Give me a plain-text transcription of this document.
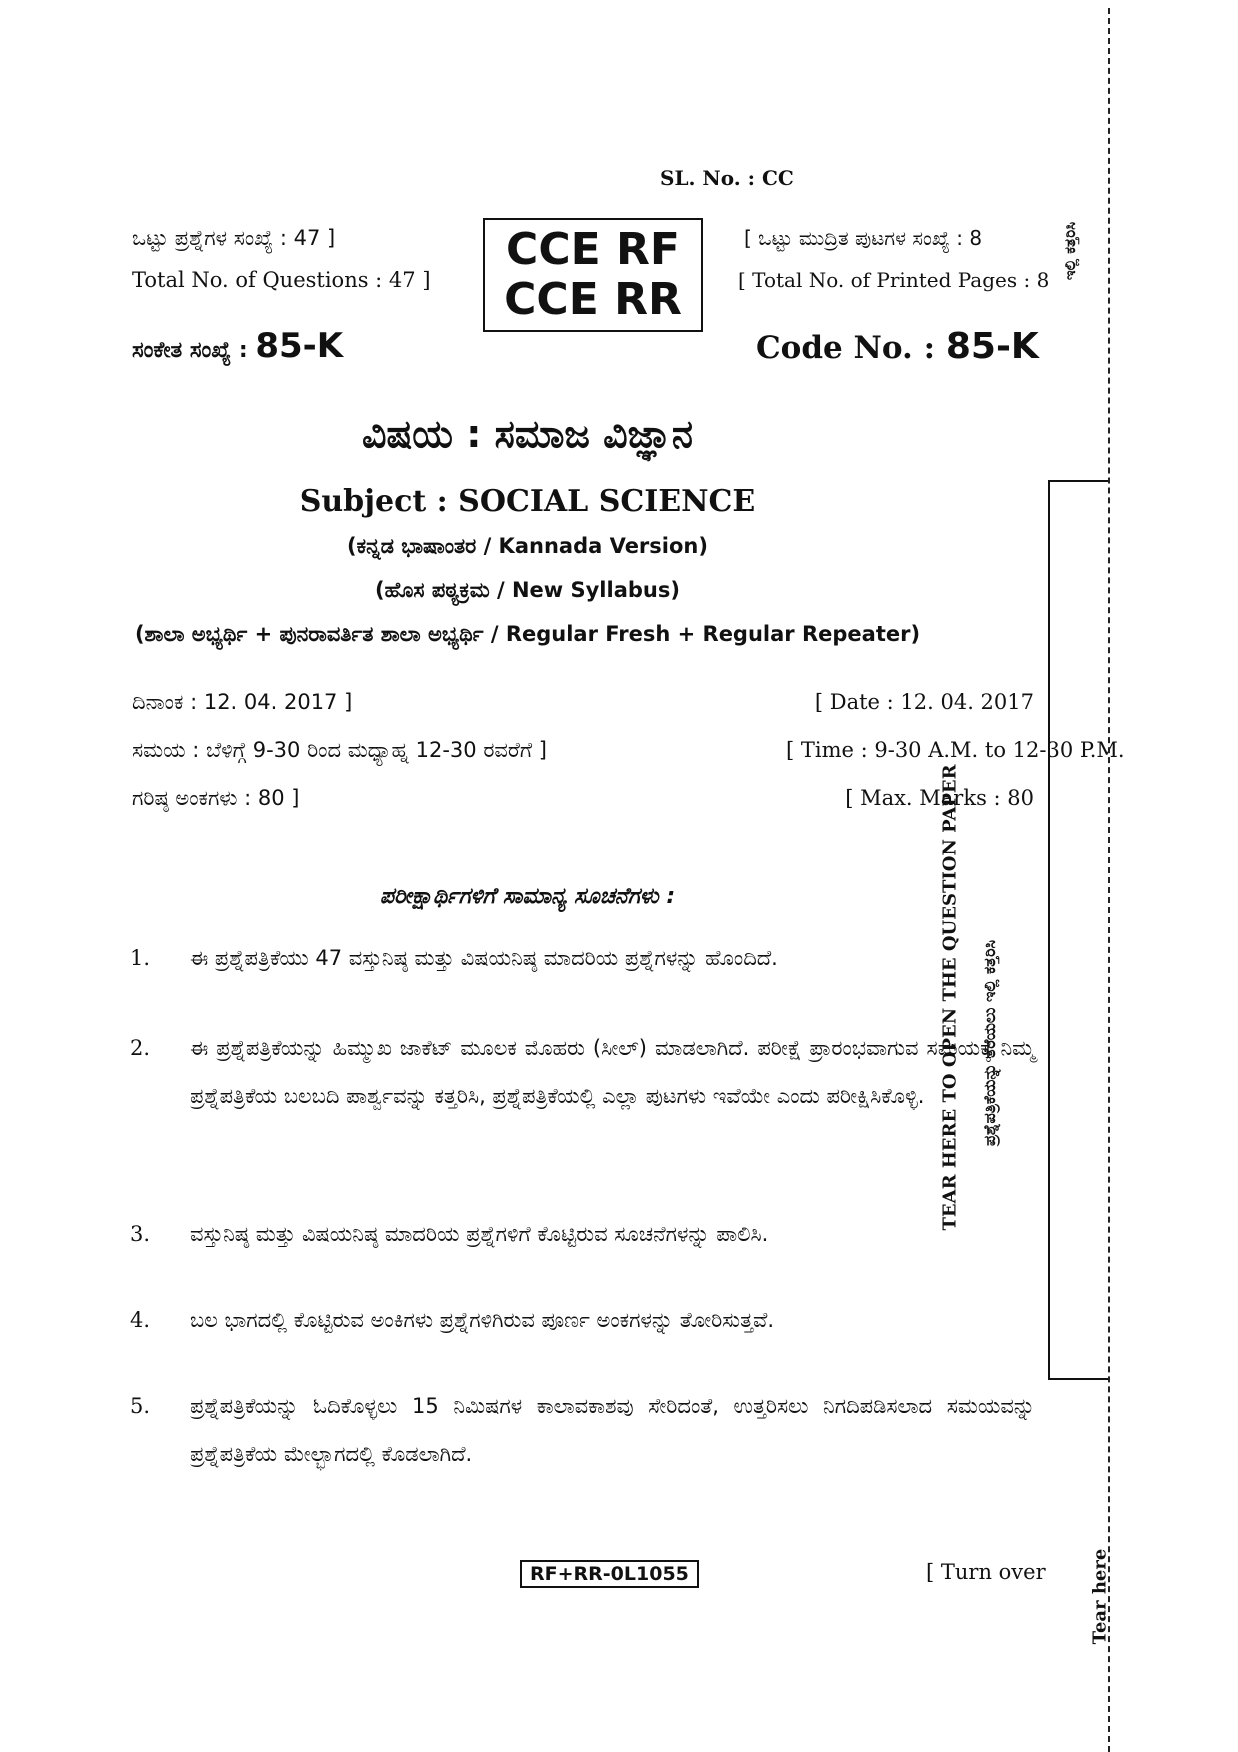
SL. No. : CC
ಒಟ್ಟು ಪ್ರಶ್ನೆಗಳ ಸಂಖ್ಯೆ : 47 ]
Total No. of Questions : 47 ]
CCE RF
CCE RR
[ ಒಟ್ಟು ಮುದ್ರಿತ ಪುಟಗಳ ಸಂಖ್ಯೆ : 8
[ Total No. of Printed Pages : 8
ಸಂಕೇತ ಸಂಖ್ಯೆ : 85-K	Code No. : 85-K
ವಿಷಯ : ಸಮಾಜ ವಿಜ್ಞಾನ
Subject : SOCIAL SCIENCE
(ಕನ್ನಡ ಭಾಷಾಂತರ / Kannada Version)
(ಹೊಸ ಪಠ್ಯಕ್ರಮ / New Syllabus)
(ಶಾಲಾ ಅಭ್ಯರ್ಥಿ + ಪುನರಾವರ್ತಿತ ಶಾಲಾ ಅಭ್ಯರ್ಥಿ / Regular Fresh + Regular Repeater)
ದಿನಾಂಕ : 12. 04. 2017 ]	[ Date : 12. 04. 2017
ಸಮಯ : ಬೆಳಿಗ್ಗೆ 9-30 ರಿಂದ ಮಧ್ಯಾಹ್ನ 12-30 ರವರೆಗೆ ]	[ Time : 9-30 A.M. to 12-30 P.M.
ಗರಿಷ್ಠ ಅಂಕಗಳು : 80 ]	[ Max. Marks : 80
ಪರೀಕ್ಷಾರ್ಥಿಗಳಿಗೆ ಸಾಮಾನ್ಯ ಸೂಚನೆಗಳು :
1. ಈ ಪ್ರಶ್ನೆಪತ್ರಿಕೆಯು 47 ವಸ್ತುನಿಷ್ಠ ಮತ್ತು ವಿಷಯನಿಷ್ಠ ಮಾದರಿಯ ಪ್ರಶ್ನೆಗಳನ್ನು ಹೊಂದಿದೆ.
2. ಈ ಪ್ರಶ್ನೆಪತ್ರಿಕೆಯನ್ನು ಹಿಮ್ಮುಖ ಜಾಕೆಟ್ ಮೂಲಕ ಮೊಹರು (ಸೀಲ್) ಮಾಡಲಾಗಿದೆ. ಪರೀಕ್ಷೆ ಪ್ರಾರಂಭವಾಗುವ ಸಮಯಕ್ಕೆ ನಿಮ್ಮ ಪ್ರಶ್ನೆಪತ್ರಿಕೆಯ ಬಲಬದಿ ಪಾರ್ಶ್ವವನ್ನು ಕತ್ತರಿಸಿ, ಪ್ರಶ್ನೆಪತ್ರಿಕೆಯಲ್ಲಿ ಎಲ್ಲಾ ಪುಟಗಳು ಇವೆಯೇ ಎಂದು ಪರೀಕ್ಷಿಸಿಕೊಳ್ಳಿ.
3. ವಸ್ತುನಿಷ್ಠ ಮತ್ತು ವಿಷಯನಿಷ್ಠ ಮಾದರಿಯ ಪ್ರಶ್ನೆಗಳಿಗೆ ಕೊಟ್ಟಿರುವ ಸೂಚನೆಗಳನ್ನು ಪಾಲಿಸಿ.
4. ಬಲ ಭಾಗದಲ್ಲಿ ಕೊಟ್ಟಿರುವ ಅಂಕಿಗಳು ಪ್ರಶ್ನೆಗಳಿಗಿರುವ ಪೂರ್ಣ ಅಂಕಗಳನ್ನು ತೋರಿಸುತ್ತವೆ.
5. ಪ್ರಶ್ನೆಪತ್ರಿಕೆಯನ್ನು ಓದಿಕೊಳ್ಳಲು 15 ನಿಮಿಷಗಳ ಕಾಲಾವಕಾಶವು ಸೇರಿದಂತೆ, ಉತ್ತರಿಸಲು ನಿಗದಿಪಡಿಸಲಾದ ಸಮಯವನ್ನು ಪ್ರಶ್ನೆಪತ್ರಿಕೆಯ ಮೇಲ್ಭಾಗದಲ್ಲಿ ಕೊಡಲಾಗಿದೆ.
RF+RR-0L1055	[ Turn over
ಇಲ್ಲಿ ಕತ್ತರಿಸಿ
TEAR HERE TO OPEN THE QUESTION PAPER ಪ್ರಶ್ನೆಪತ್ರಿಕೆಯನ್ನು ತೆರೆಯಲು ಇಲ್ಲಿ ಕತ್ತರಿಸಿ
Tear here
